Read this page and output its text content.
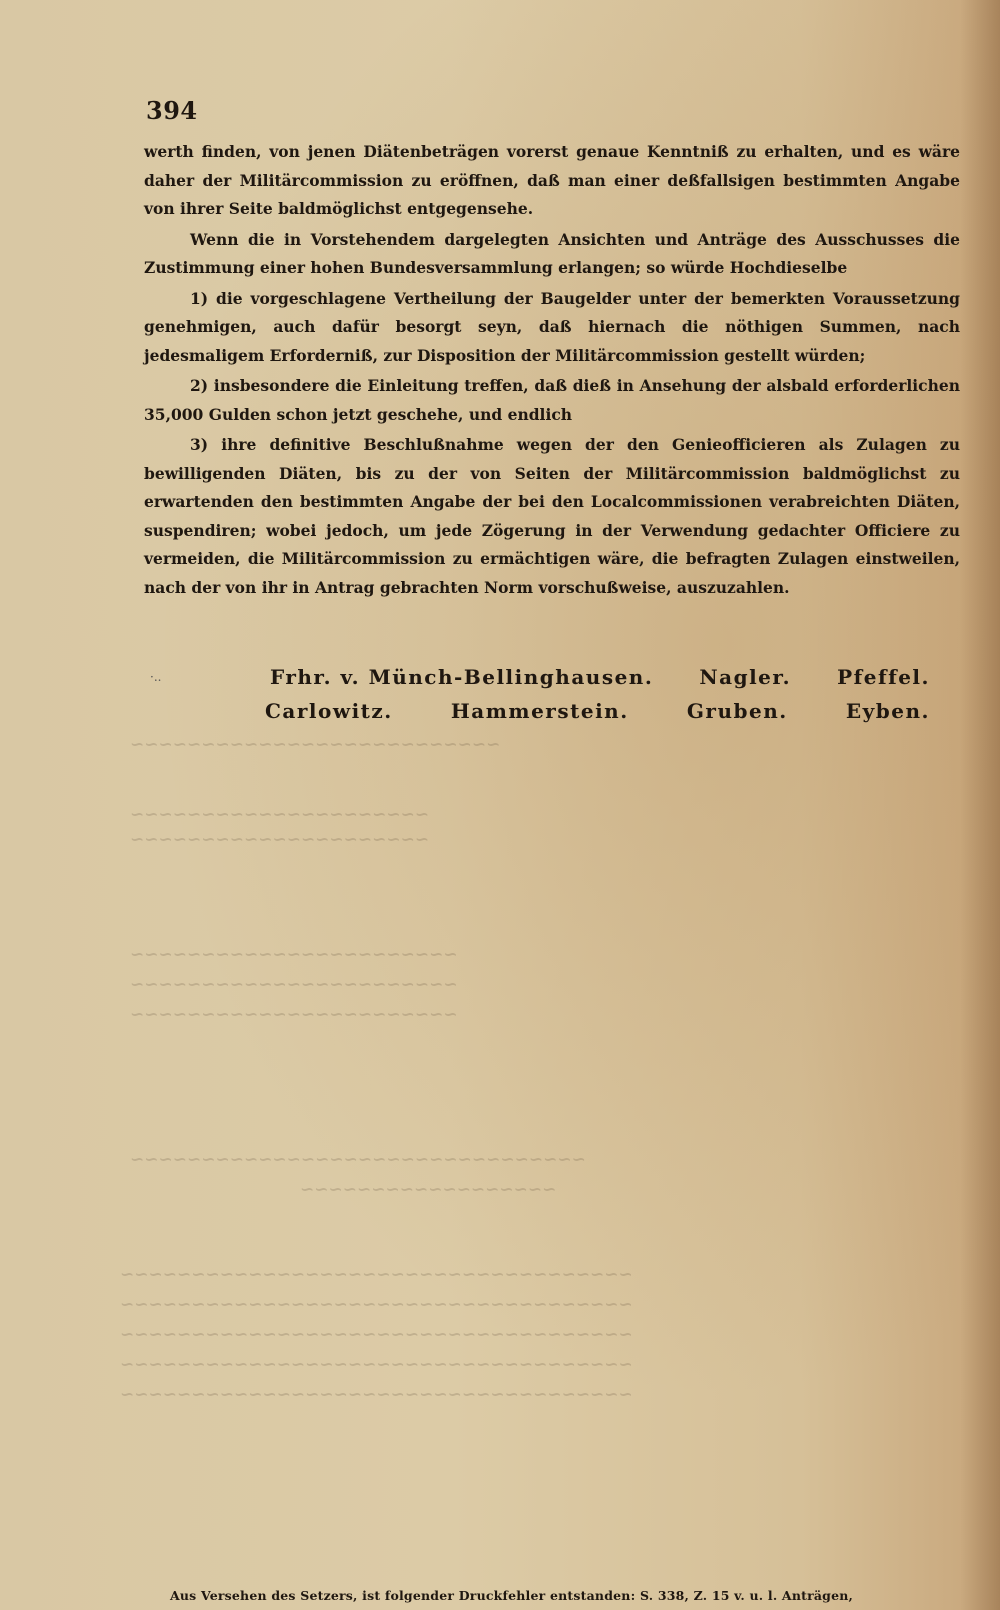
~~~~~~~~~~~~~~~~~~~~~~~~~~
~~~~~~~~~~~~~~~~~~~~~
~~~~~~~~~~~~~~~~~~~~~
~~~~~~~~~~~~~~~~~~~~~~~
~~~~~~~~~~~~~~~~~~~~~~~
~~~~~~~~~~~~~~~~~~~~~~~
~~~~~~~~~~~~~~~~~~~~~~~~~~~~~~~~
~~~~~~~~~~~~~~~~~~
~~~~~~~~~~~~~~~~~~~~~~~~~~~~~~~~~~~~
~~~~~~~~~~~~~~~~~~~~~~~~~~~~~~~~~~~~
~~~~~~~~~~~~~~~~~~~~~~~~~~~~~~~~~~~~
~~~~~~~~~~~~~~~~~~~~~~~~~~~~~~~~~~~~
~~~~~~~~~~~~~~~~~~~~~~~~~~~~~~~~~~~~
394

werth finden, von jenen Diätenbeträgen vorerst genaue Kenntniß zu erhalten, und es wäre daher der Militärcommission zu eröffnen, daß man einer deßfallsigen bestimmten Angabe von ihrer Seite baldmöglichst entgegensehe.

Wenn die in Vorstehendem dargelegten Ansichten und Anträge des Ausschusses die Zustimmung einer hohen Bundesversammlung erlangen; so würde Hochdieselbe

1) die vorgeschlagene Vertheilung der Baugelder unter der bemerkten Voraussetzung genehmigen, auch dafür besorgt seyn, daß hiernach die nöthigen Summen, nach jedesmaligem Erforderniß, zur Disposition der Militärcommission gestellt würden;

2) insbesondere die Einleitung treffen, daß dieß in Ansehung der alsbald erforderlichen 35,000 Gulden schon jetzt geschehe, und endlich

3) ihre definitive Beschlußnahme wegen der den Genieofficieren als Zulagen zu bewilligenden Diäten, bis zu der von Seiten der Militärcommission baldmöglichst zu erwartenden den bestimmten Angabe der bei den Localcommissionen verabreichten Diäten, suspendiren; wobei jedoch, um jede Zögerung in der Verwendung gedachter Officiere zu vermeiden, die Militärcommission zu ermächtigen wäre, die befragten Zulagen einstweilen, nach der von ihr in Antrag gebrachten Norm vorschußweise, auszuzahlen.

·..	Frhr. v. Münch-Bellinghausen. Nagler. Pfeffel.
Carlowitz.	Hammerstein.	Gruben.	Eyben.
Aus Versehen des Setzers, ist folgender Druckfehler entstanden: S. 338, Z. 15 v. u. l. Anträgen,
